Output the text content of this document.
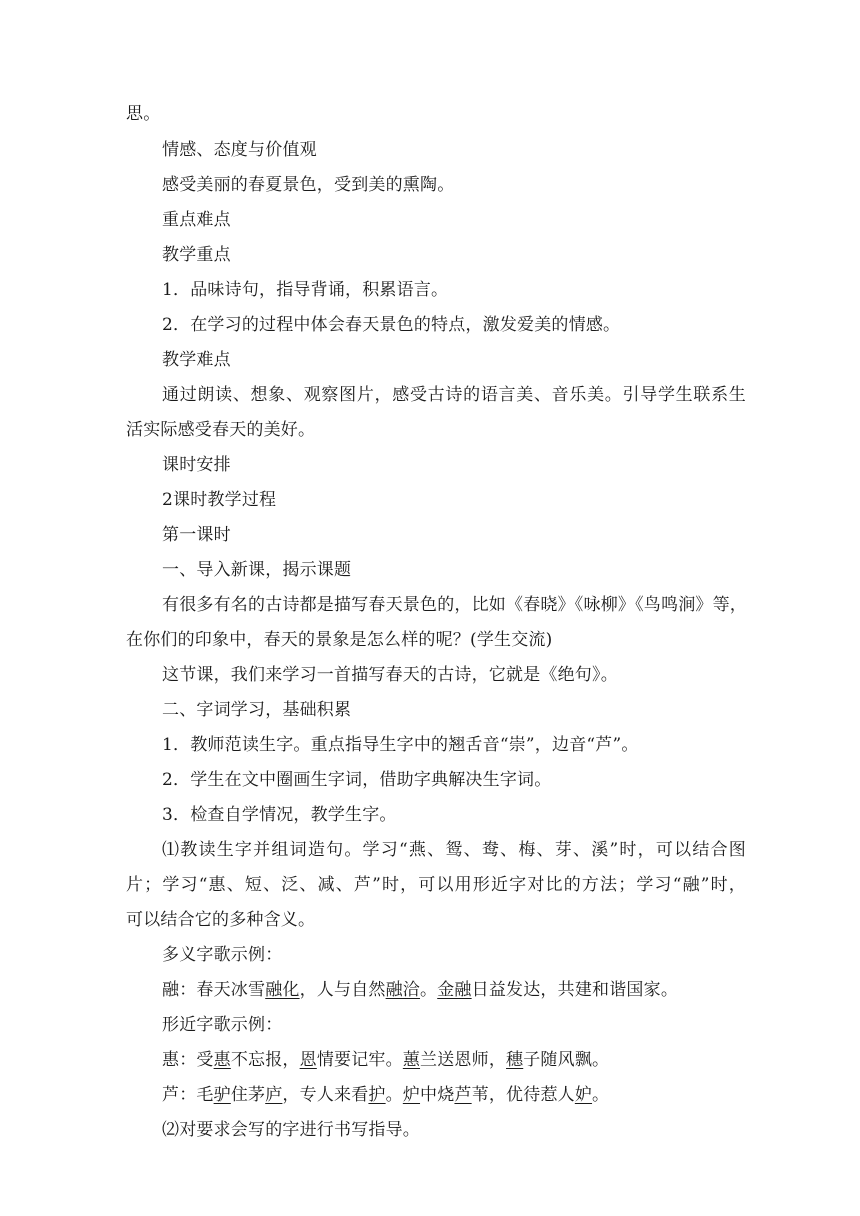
思。
情感、态度与价值观
感受美丽的春夏景色，受到美的熏陶。
重点难点
教学重点
1．品味诗句，指导背诵，积累语言。
2．在学习的过程中体会春天景色的特点，激发爱美的情感。
教学难点
通过朗读、想象、观察图片，感受古诗的语言美、音乐美。引导学生联系生
活实际感受春天的美好。
课时安排
2课时教学过程
第一课时
一、导入新课，揭示课题
有很多有名的古诗都是描写春天景色的，比如《春晓》《咏柳》《鸟鸣涧》等，
在你们的印象中，春天的景象是怎么样的呢？(学生交流)
这节课，我们来学习一首描写春天的古诗，它就是《绝句》。
二、字词学习，基础积累
1．教师范读生字。重点指导生字中的翘舌音“崇”，边音“芦”。
2．学生在文中圈画生字词，借助字典解决生字词。
3．检查自学情况，教学生字。
⑴教读生字并组词造句。学习“燕、鸳、鸯、梅、芽、溪”时，可以结合图
片；学习“惠、短、泛、减、芦”时，可以用形近字对比的方法；学习“融”时，
可以结合它的多种含义。
多义字歌示例：
融：春天冰雪融化，人与自然融洽。金融日益发达，共建和谐国家。
形近字歌示例：
惠：受惠不忘报，恩情要记牢。蕙兰送恩师，穗子随风飘。
芦：毛驴住茅庐，专人来看护。炉中烧芦苇，优待惹人妒。
⑵对要求会写的字进行书写指导。
